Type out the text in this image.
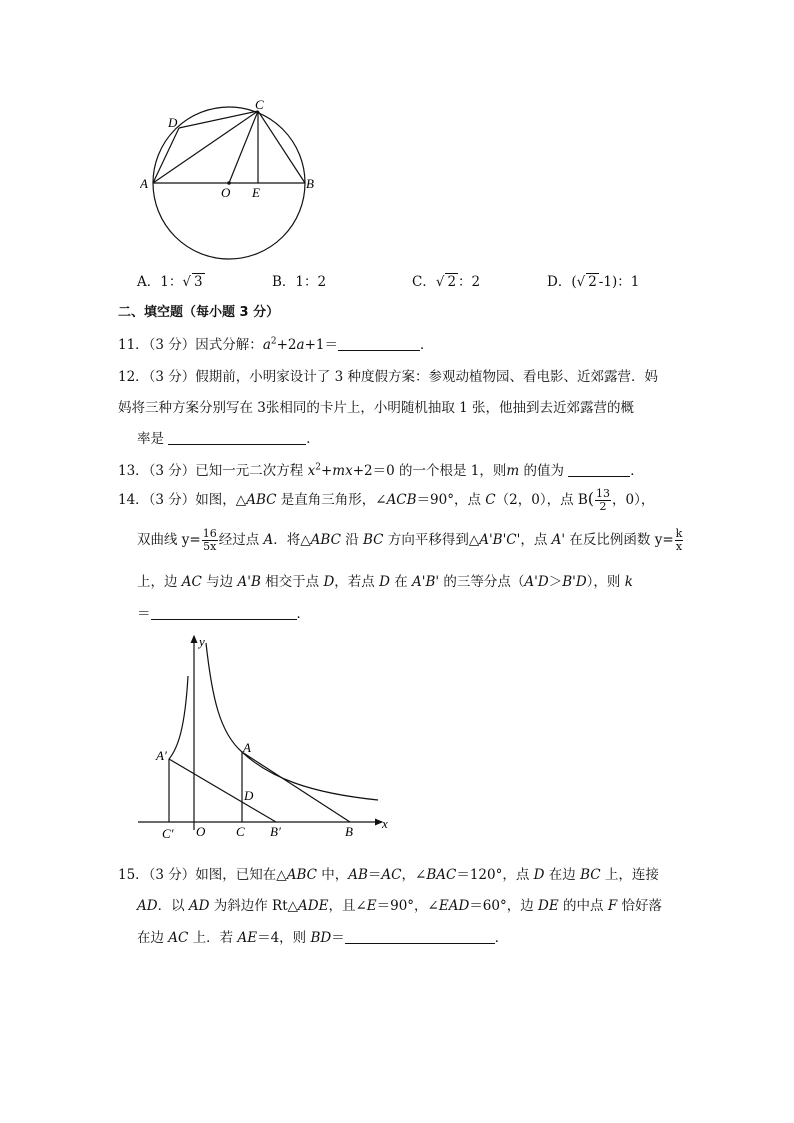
D
C
A
O E
B
A．1：√ 3	B．1：2	C．√ 2 ：2	D．(√ 2 -1)：1
二、填空题（每小题 3 分）
11．（3 分）因式分解：$a^2+2a+1=$	．
12．（3 分）假期前，小明家设计了 3 种度假方案：参观动植物园、看电影、近郊露营．妈
妈将三种方案分别写在 3张相同的卡片上，小明随机抽取 1 张，他抽到去近郊露营的概
率是	．
13．（3 分）已知一元二次方程 $x^2+mx+2=0$ 的一个根是 1，则m 的值为	．
14．（3 分）如图，△ABC 是直角三角形，∠ACB＝90°，点 C（2，0），点 $B( \frac{13}{2}$ ，0），
双曲线 $y= \frac{16}{5x}$ 经过点 A．将△ABC 沿 BC 方向平移得到△A'B'C'，点 A' 在反比例函数 $y= \frac{k}{x}$
上，边 AC 与边 A'B 相交于点 D，若点 D 在 A'B' 的三等分点（A'D＞B'D），则 k
＝	．
y
x
A′
A
D
C′ O C B′	B
15．（3 分）如图，已知在△ABC 中，AB＝AC，∠BAC＝120°，点 D 在边 BC 上，连接
AD．以 AD 为斜边作 Rt△ADE，且∠E＝90°，∠EAD＝60°，边 DE 的中点 F 恰好落
在边 AC 上．若 AE＝4，则 BD＝	．
